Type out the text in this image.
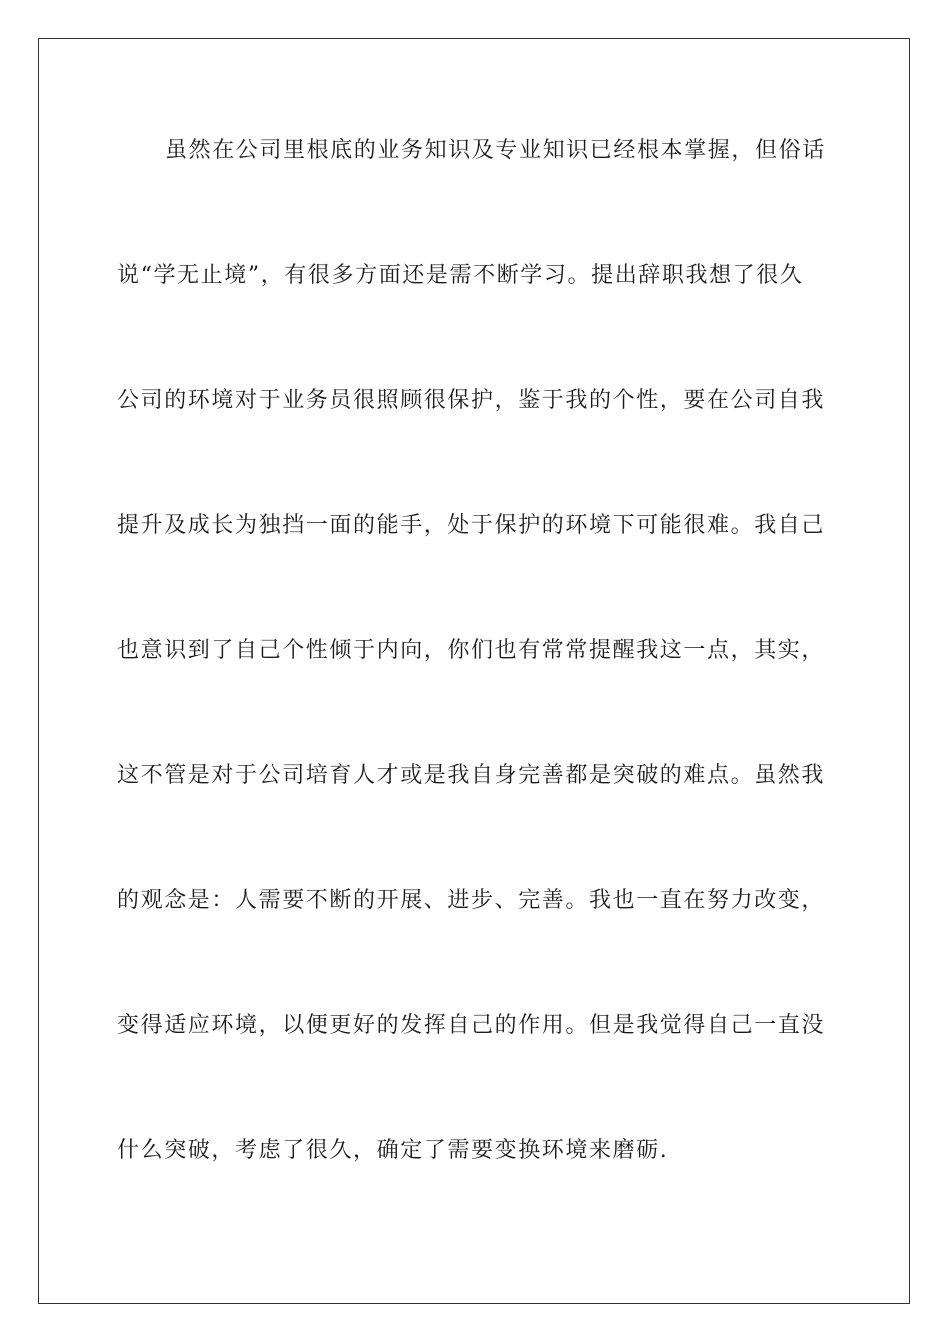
虽然在公司里根底的业务知识及专业知识已经根本掌握，但俗话
说“学无止境”，有很多方面还是需不断学习。提出辞职我想了很久
公司的环境对于业务员很照顾很保护，鉴于我的个性，要在公司自我
提升及成长为独挡一面的能手，处于保护的环境下可能很难。我自己
也意识到了自己个性倾于内向，你们也有常常提醒我这一点，其实，
这不管是对于公司培育人才或是我自身完善都是突破的难点。虽然我
的观念是：人需要不断的开展、进步、完善。我也一直在努力改变，
变得适应环境，以便更好的发挥自己的作用。但是我觉得自己一直没
什么突破，考虑了很久，确定了需要变换环境来磨砺.
